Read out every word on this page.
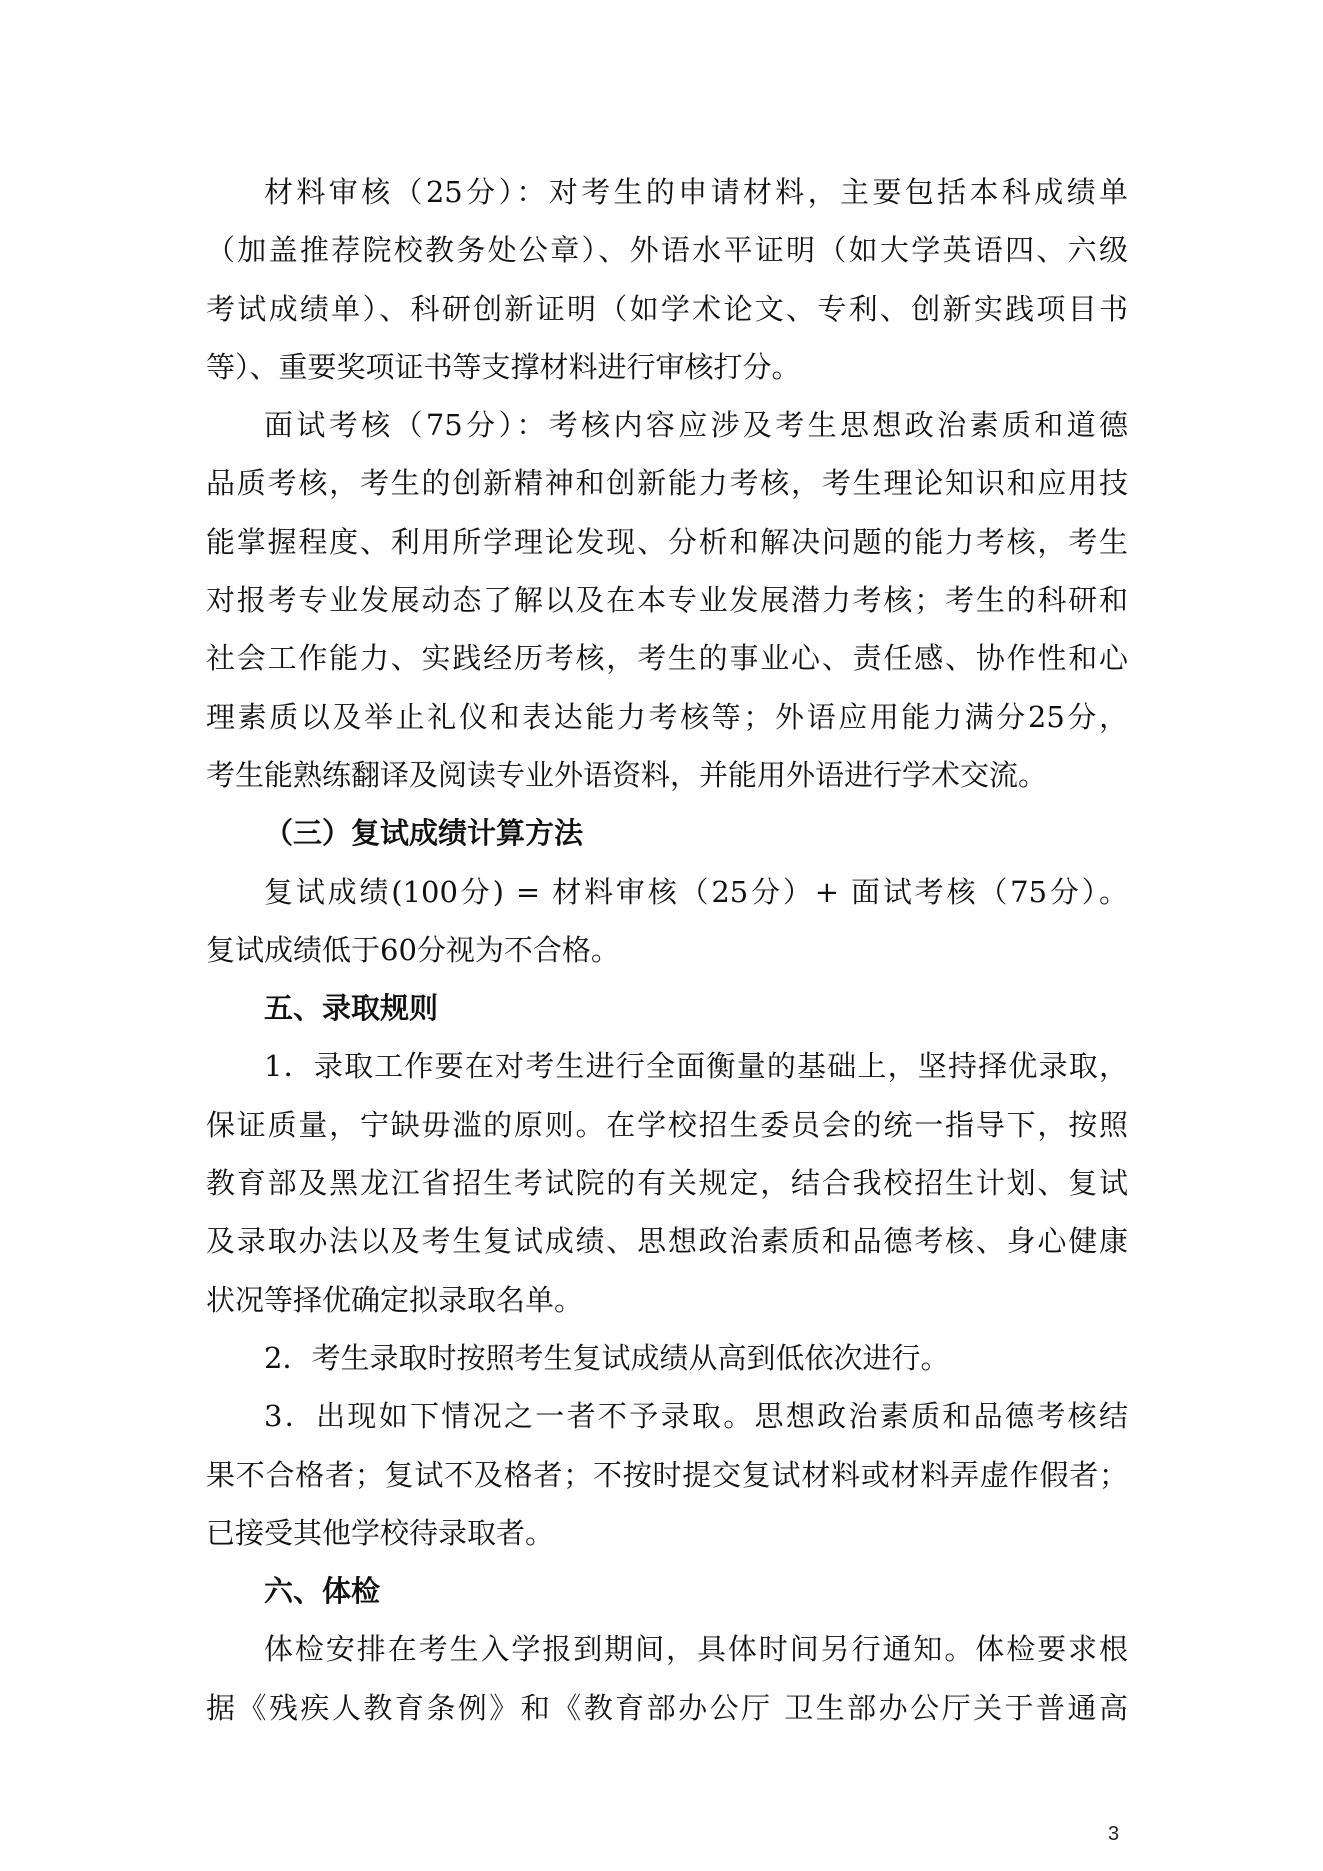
材料审核（25分）：对考生的申请材料，主要包括本科成绩单
（加盖推荐院校教务处公章）、外语水平证明（如大学英语四、六级
考试成绩单）、科研创新证明（如学术论文、专利、创新实践项目书
等）、重要奖项证书等支撑材料进行审核打分。
面试考核（75分）：考核内容应涉及考生思想政治素质和道德
品质考核，考生的创新精神和创新能力考核，考生理论知识和应用技
能掌握程度、利用所学理论发现、分析和解决问题的能力考核，考生
对报考专业发展动态了解以及在本专业发展潜力考核；考生的科研和
社会工作能力、实践经历考核，考生的事业心、责任感、协作性和心
理素质以及举止礼仪和表达能力考核等；外语应用能力满分25分，
考生能熟练翻译及阅读专业外语资料，并能用外语进行学术交流。
（三）复试成绩计算方法
复试成绩(100分) = 材料审核（25分）+ 面试考核（75分）。
复试成绩低于60分视为不合格。
五、录取规则
1．录取工作要在对考生进行全面衡量的基础上，坚持择优录取，
保证质量，宁缺毋滥的原则。在学校招生委员会的统一指导下，按照
教育部及黑龙江省招生考试院的有关规定，结合我校招生计划、复试
及录取办法以及考生复试成绩、思想政治素质和品德考核、身心健康
状况等择优确定拟录取名单。
2．考生录取时按照考生复试成绩从高到低依次进行。
3．出现如下情况之一者不予录取。思想政治素质和品德考核结
果不合格者；复试不及格者；不按时提交复试材料或材料弄虚作假者；
已接受其他学校待录取者。
六、体检
体检安排在考生入学报到期间，具体时间另行通知。体检要求根
据《残疾人教育条例》和《教育部办公厅 卫生部办公厅关于普通高
3
